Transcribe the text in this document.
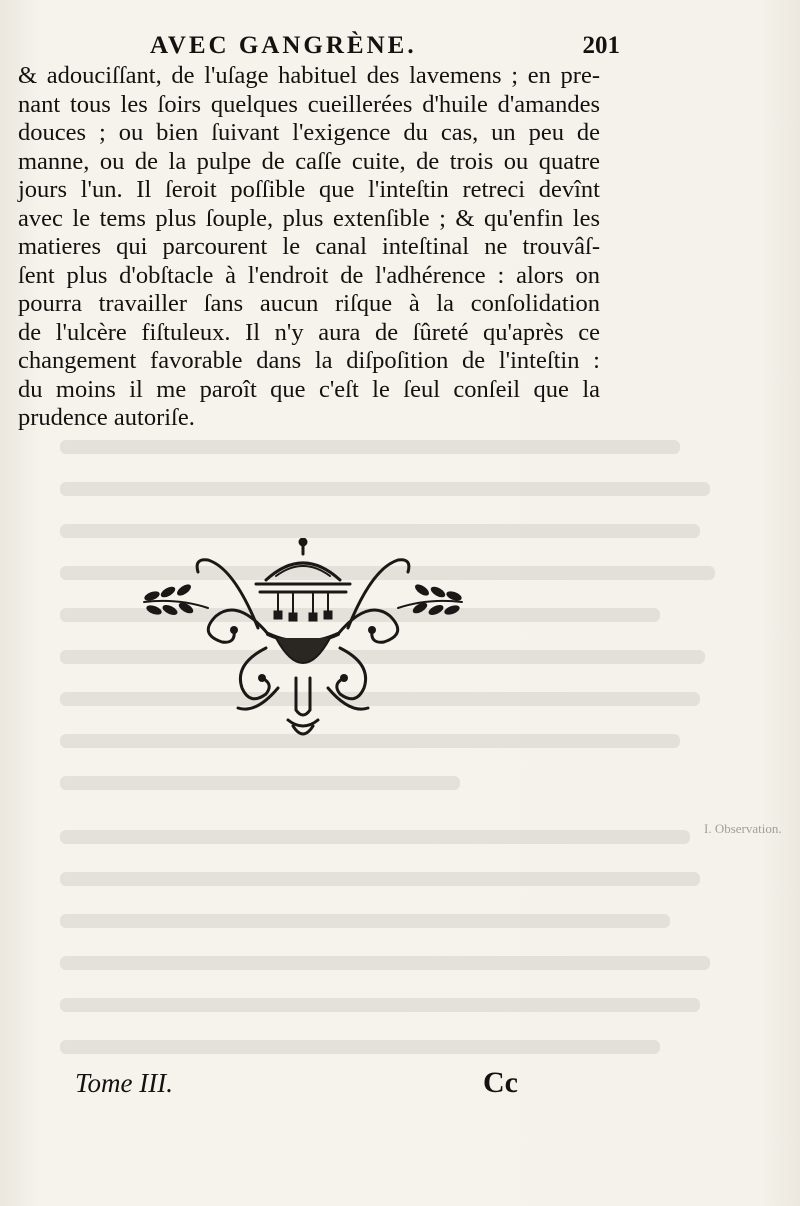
AVEC GANGRÈNE.	201
& adouciſſant, de l'uſage habituel des lavemens ; en pre-
nant tous les ſoirs quelques cueillerées d'huile d'amandes
douces ; ou bien ſuivant l'exigence du cas, un peu de
manne, ou de la pulpe de caſſe cuite, de trois ou quatre
jours l'un. Il ſeroit poſſible que l'inteſtin retreci devînt
avec le tems plus ſouple, plus extenſible ; & qu'enfin les
matieres qui parcourent le canal inteſtinal ne trouvâſ-
ſent plus d'obſtacle à l'endroit de l'adhérence : alors on
pourra travailler ſans aucun riſque à la conſolidation
de l'ulcère fiſtuleux. Il n'y aura de ſûreté qu'après ce
changement favorable dans la diſpoſition de l'inteſtin :
du moins il me paroît que c'eſt le ſeul conſeil que la
prudence autoriſe.
I. Observation.
Tome III.	Cc
